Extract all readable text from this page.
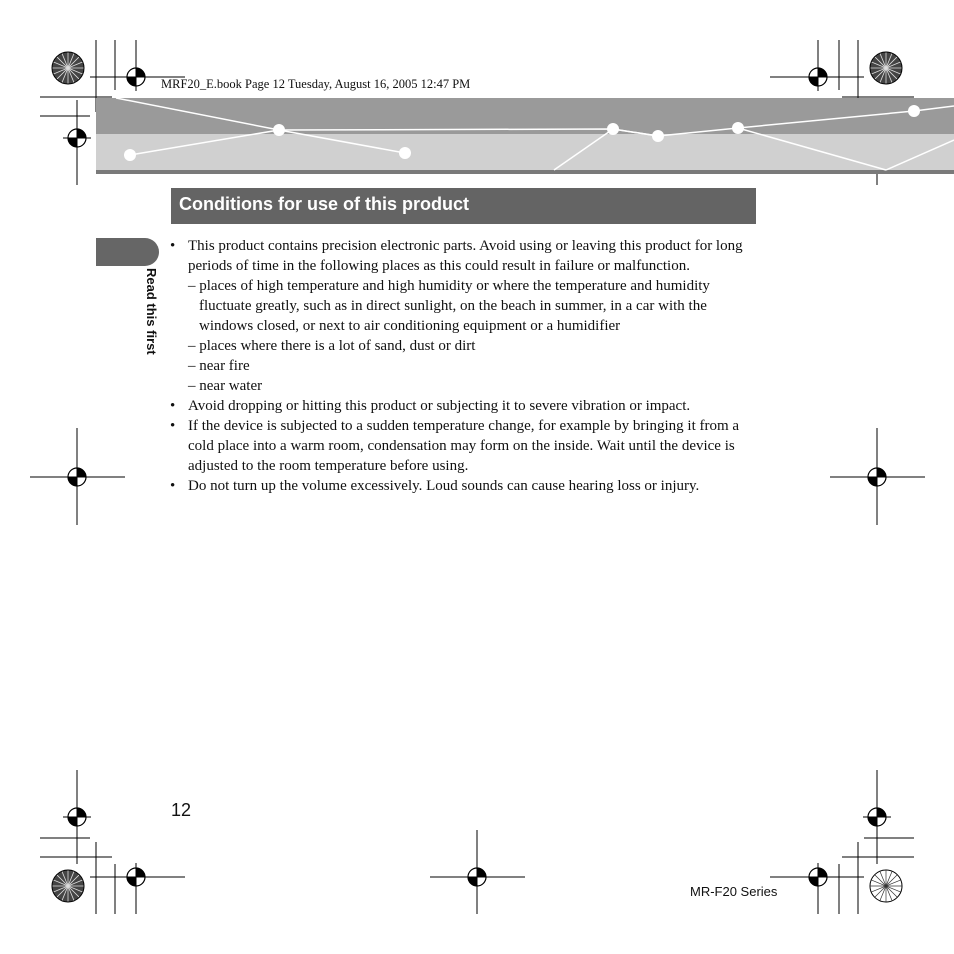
MRF20_E.book Page 12 Tuesday, August 16, 2005 12:47 PM
Conditions for use of this product
Read this first
• This product contains precision electronic parts. Avoid using or leaving this product for long periods of time in the following places as this could result in failure or malfunction.
– places of high temperature and high humidity or where the temperature and humidity fluctuate greatly, such as in direct sunlight, on the beach in summer, in a car with the windows closed, or next to air conditioning equipment or a humidifier
– places where there is a lot of sand, dust or dirt
– near fire
– near water
• Avoid dropping or hitting this product or subjecting it to severe vibration or impact.
• If the device is subjected to a sudden temperature change, for example by bringing it from a cold place into a warm room, condensation may form on the inside. Wait until the device is adjusted to the room temperature before using.
• Do not turn up the volume excessively. Loud sounds can cause hearing loss or injury.
12
MR-F20 Series
